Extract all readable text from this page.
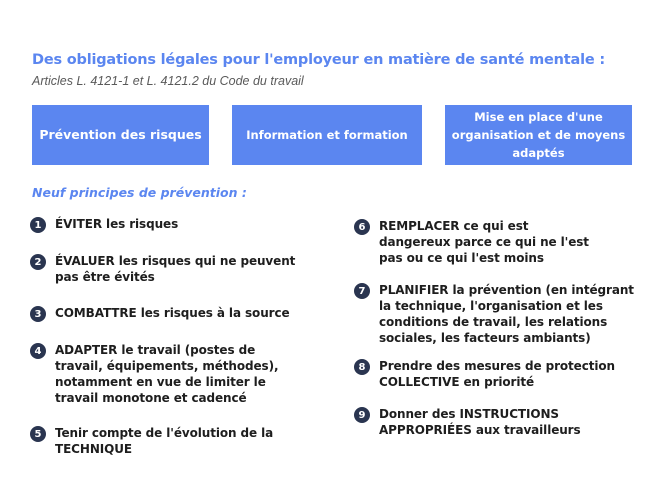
Des obligations légales pour l'employeur en matière de santé mentale :
Articles L. 4121-1 et L. 4121.2 du Code du travail
Prévention des risques	Information et formation
Mise en place d'une
organisation et de moyens
adaptés
Neuf principes de prévention :
1	ÉVITER les risques
2	ÉVALUER les risques qui ne peuvent
pas être évités
3	COMBATTRE les risques à la source
4	ADAPTER le travail (postes de
travail, équipements, méthodes),
notamment en vue de limiter le
travail monotone et cadencé
5	Tenir compte de l'évolution de la
TECHNIQUE
6	REMPLACER ce qui est
dangereux parce ce qui ne l'est
pas ou ce qui l'est moins
7	PLANIFIER la prévention (en intégrant
la technique, l'organisation et les
conditions de travail, les relations
sociales, les facteurs ambiants)
8	Prendre des mesures de protection
COLLECTIVE en priorité
9	Donner des INSTRUCTIONS
APPROPRIÉES aux travailleurs
